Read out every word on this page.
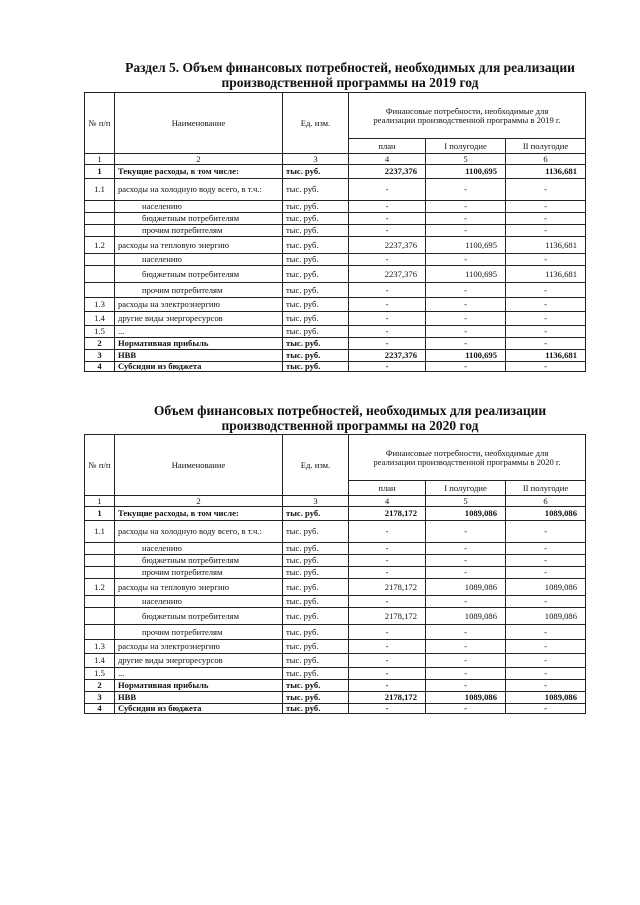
Раздел 5. Объем финансовых потребностей, необходимых для реализации
производственной программы на 2019 год
№ п/п	Наименование	Ед. изм.	Финансовые потребности, необходимые для реализации производственной программы в 2019 г.		
			план	I полугодие	II полугодие
1	2	3	4	5	6
1	Текущие расходы, в том числе:	тыс. руб.	2237,376	1100,695	1136,681
1.1	расходы на холодную воду всего, в т.ч.:	тыс. руб.	-	-	-
	населению	тыс. руб.	-	-	-
	бюджетным потребителям	тыс. руб.	-	-	-
	прочим потребителям	тыс. руб.	-	-	-
1.2	расходы на тепловую энергию	тыс. руб.	2237,376	1100,695	1136,681
	населению	тыс. руб.	-	-	-
	бюджетным потребителям	тыс. руб.	2237,376	1100,695	1136,681
	прочим потребителям	тыс. руб.	-	-	-
1.3	расходы на электроэнергию	тыс. руб.	-	-	-
1.4	другие виды энергоресурсов	тыс. руб.	-	-	-
1.5	...	тыс. руб.	-	-	-
2	Нормативная прибыль	тыс. руб.	-	-	-
3	НВВ	тыс. руб.	2237,376	1100,695	1136,681
4	Субсидии из бюджета	тыс. руб.	-	-	-
Объем финансовых потребностей, необходимых для реализации
производственной программы на 2020 год
№ п/п	Наименование	Ед. изм.	Финансовые потребности, необходимые для реализации производственной программы в 2020 г.		
			план	I полугодие	II полугодие
1	2	3	4	5	6
1	Текущие расходы, в том числе:	тыс. руб.	2178,172	1089,086	1089,086
1.1	расходы на холодную воду всего, в т.ч.:	тыс. руб.	-	-	-
	населению	тыс. руб.	-	-	-
	бюджетным потребителям	тыс. руб.	-	-	-
	прочим потребителям	тыс. руб.	-	-	-
1.2	расходы на тепловую энергию	тыс. руб.	2178,172	1089,086	1089,086
	населению	тыс. руб.	-	-	-
	бюджетным потребителям	тыс. руб.	2178,172	1089,086	1089,086
	прочим потребителям	тыс. руб.	-	-	-
1.3	расходы на электроэнергию	тыс. руб.	-	-	-
1.4	другие виды энергоресурсов	тыс. руб.	-	-	-
1.5	...	тыс. руб.	-	-	-
2	Нормативная прибыль	тыс. руб.	-	-	-
3	НВВ	тыс. руб.	2178,172	1089,086	1089,086
4	Субсидии из бюджета	тыс. руб.	-	-	-
